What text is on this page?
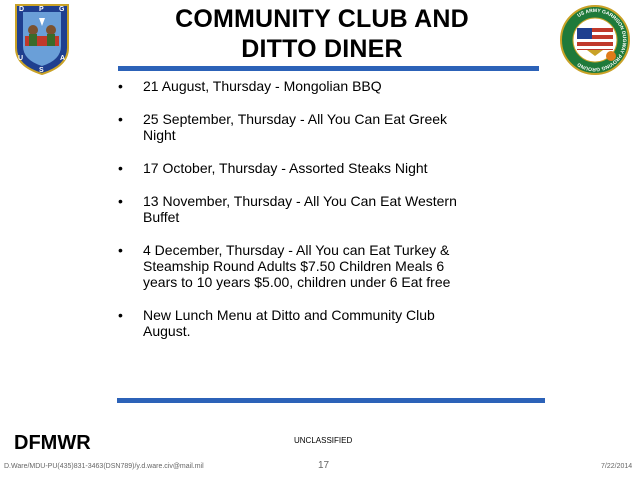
D P G
U
S
A
COMMUNITY CLUB AND
DITTO DINER
US ARMY GARRISON DUGWAY PROVING GROUND
• 21 August, Thursday - Mongolian BBQ
• 25 September, Thursday - All You Can Eat Greek
Night
• 17 October, Thursday - Assorted Steaks Night
• 13 November, Thursday - All You Can Eat Western
Buffet
• 4 December, Thursday - All You can Eat Turkey &
Steamship Round Adults $7.50 Children Meals 6
years to 10 years $5.00, children under 6 Eat free
• New Lunch Menu at Ditto and Community Club
August.
DFMWR	UNCLASSIFIED
D.Ware/MDU-PU(435)831-3463(DSN789)/y.d.ware.civ@mail.mil	17	7/22/2014
